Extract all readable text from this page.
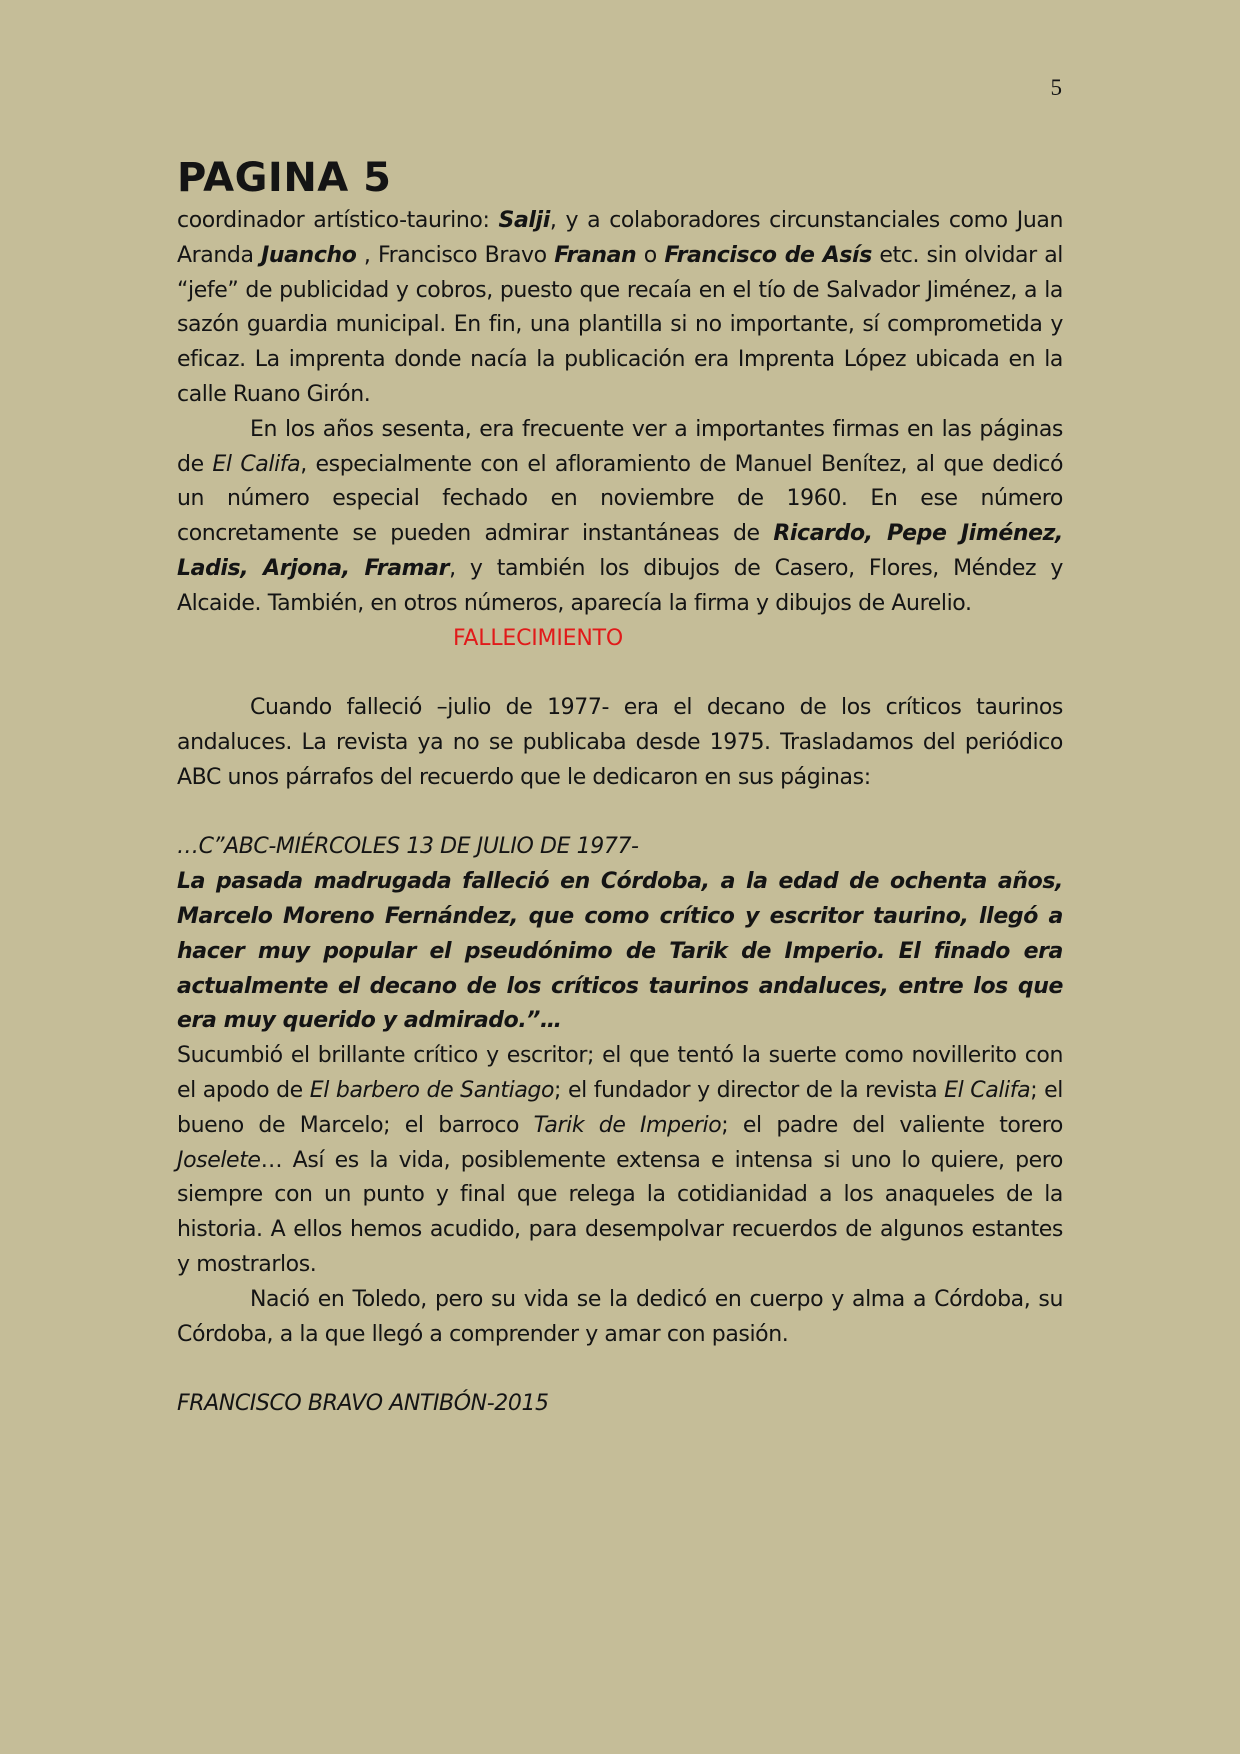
5
PAGINA 5

coordinador artístico-taurino: Salji, y a colaboradores circunstanciales como Juan Aranda Juancho , Francisco Bravo Franan o Francisco de Asís etc. sin olvidar al “jefe” de publicidad y cobros, puesto que recaía en el tío de Salvador Jiménez, a la sazón guardia municipal. En fin, una plantilla si no importante, sí comprometida y eficaz. La imprenta donde nacía la publicación era Imprenta López ubicada en la calle Ruano Girón.

En los años sesenta, era frecuente ver a importantes firmas en las páginas de El Califa, especialmente con el afloramiento de Manuel Benítez, al que dedicó un número especial fechado en noviembre de 1960. En ese número concretamente se pueden admirar instantáneas de Ricardo, Pepe Jiménez, Ladis, Arjona, Framar, y también los dibujos de Casero, Flores, Méndez y Alcaide. También, en otros números, aparecía la firma y dibujos de Aurelio.

FALLECIMIENTO

Cuando falleció –julio de 1977- era el decano de los críticos taurinos andaluces. La revista ya no se publicaba desde 1975. Trasladamos del periódico ABC unos párrafos del recuerdo que le dedicaron en sus páginas:

…C”ABC-MIÉRCOLES 13 DE JULIO DE 1977-

La pasada madrugada falleció en Córdoba, a la edad de ochenta años, Marcelo Moreno Fernández, que como crítico y escritor taurino, llegó a hacer muy popular el pseudónimo de Tarik de Imperio. El finado era actualmente el decano de los críticos taurinos andaluces, entre los que era muy querido y admirado.”…

Sucumbió el brillante crítico y escritor; el que tentó la suerte como novillerito con el apodo de El barbero de Santiago; el fundador y director de la revista El Califa; el bueno de Marcelo; el barroco Tarik de Imperio; el padre del valiente torero Joselete… Así es la vida, posiblemente extensa e intensa si uno lo quiere, pero siempre con un punto y final que relega la cotidianidad a los anaqueles de la historia. A ellos hemos acudido, para desempolvar recuerdos de algunos estantes y mostrarlos.

Nació en Toledo, pero su vida se la dedicó en cuerpo y alma a Córdoba, su Córdoba, a la que llegó a comprender y amar con pasión.

FRANCISCO BRAVO ANTIBÓN-2015
